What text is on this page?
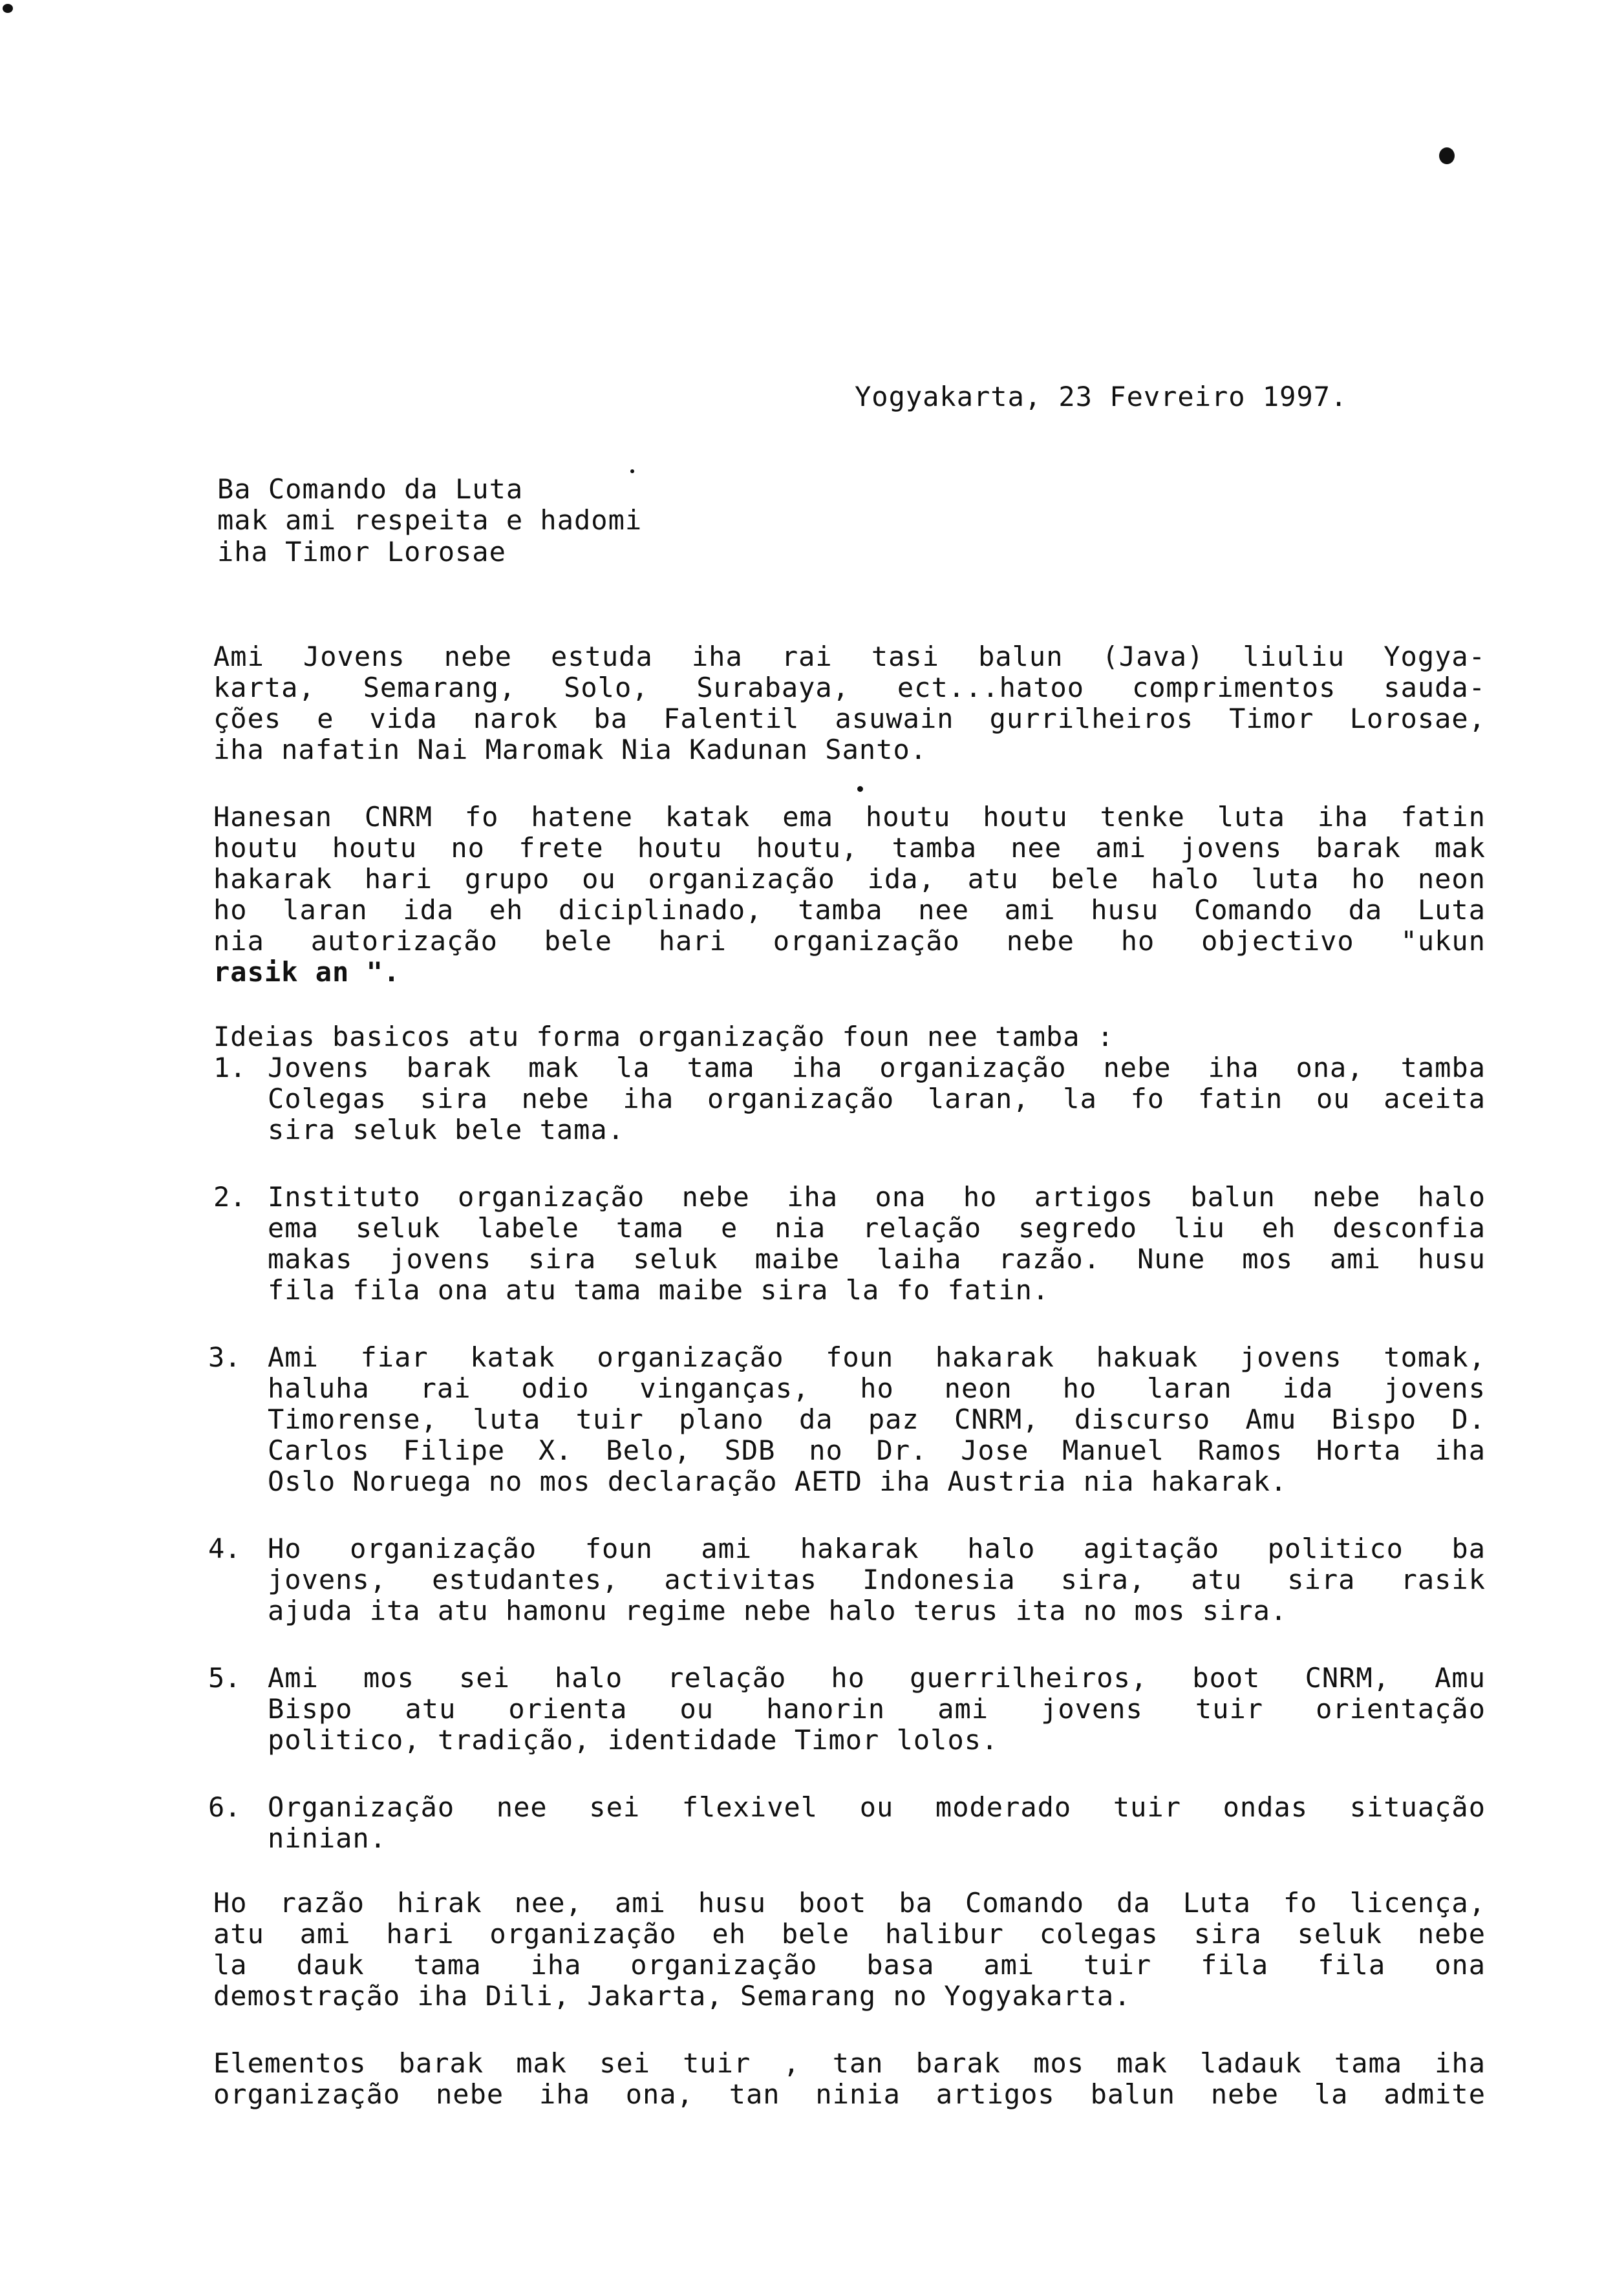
Yogyakarta, 23 Fevreiro 1997.
Ba Comando da Luta
mak ami respeita e hadomi
iha Timor Lorosae
Ami Jovens nebe estuda iha rai tasi balun (Java) liuliu Yogya-
karta, Semarang, Solo, Surabaya, ect...hatoo comprimentos sauda-
ções e vida narok ba Falentil asuwain gurrilheiros Timor Lorosae,
iha nafatin Nai Maromak Nia Kadunan Santo.
Hanesan CNRM fo hatene katak ema houtu houtu tenke luta iha fatin
houtu houtu no frete houtu houtu, tamba nee ami jovens barak mak
hakarak hari grupo ou organização ida, atu bele halo luta ho neon
ho laran ida eh diciplinado, tamba nee ami husu Comando da Luta
nia autorização bele hari organização nebe ho objectivo "ukun
rasik an ".
Ideias basicos atu forma organização foun nee tamba :
1. Jovens barak mak la tama iha organização nebe iha ona, tamba
Colegas sira nebe iha organização laran, la fo fatin ou aceita
sira seluk bele tama.
2. Instituto organização nebe iha ona ho artigos balun nebe halo
ema seluk labele tama e nia relação segredo liu eh desconfia
makas jovens sira seluk maibe laiha razão. Nune mos ami husu
fila fila ona atu tama maibe sira la fo fatin.
3. Ami fiar katak organização foun hakarak hakuak jovens tomak,
haluha rai odio vinganças, ho neon ho laran ida jovens
Timorense, luta tuir plano da paz CNRM, discurso Amu Bispo D.
Carlos Filipe X. Belo, SDB no Dr. Jose Manuel Ramos Horta iha
Oslo Noruega no mos declaração AETD iha Austria nia hakarak.
4. Ho organização foun ami hakarak halo agitação politico ba
jovens, estudantes, activitas Indonesia sira, atu sira rasik
ajuda ita atu hamonu regime nebe halo terus ita no mos sira.
5. Ami mos sei halo relação ho guerrilheiros, boot CNRM, Amu
Bispo atu orienta ou hanorin ami jovens tuir orientação
politico, tradição, identidade Timor lolos.
6. Organização nee sei flexivel ou moderado tuir ondas situação
ninian.
Ho razão hirak nee, ami husu boot ba Comando da Luta fo licença,
atu ami hari organização eh bele halibur colegas sira seluk nebe
la dauk tama iha organização basa ami tuir fila fila ona
demostração iha Dili, Jakarta, Semarang no Yogyakarta.
Elementos barak mak sei tuir , tan barak mos mak ladauk tama iha
organização nebe iha ona, tan ninia artigos balun nebe la admite
